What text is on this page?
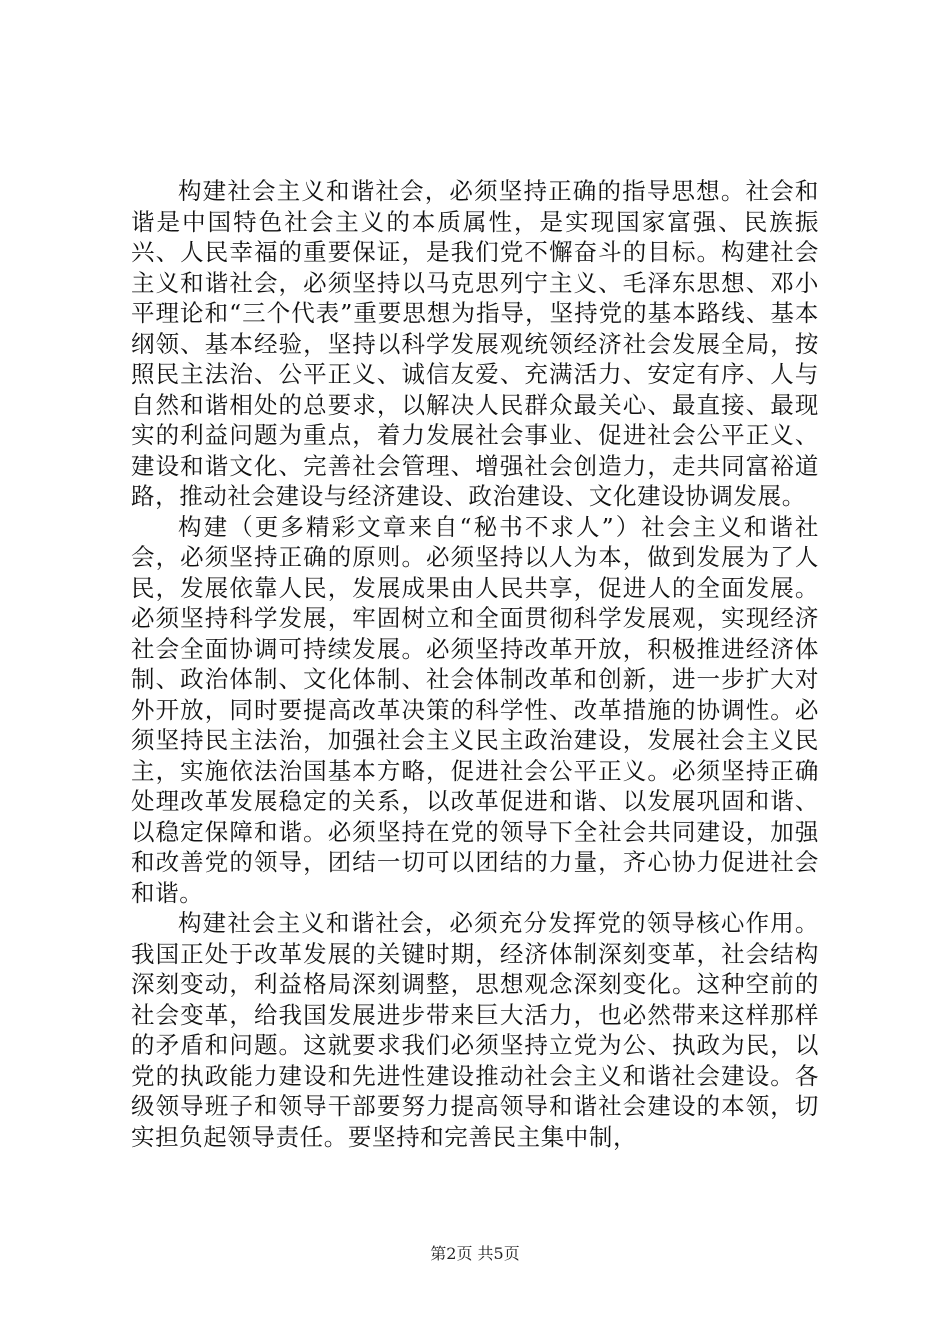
构建社会主义和谐社会，必须坚持正确的指导思想。社会和谐是中国特色社会主义的本质属性，是实现国家富强、民族振兴、人民幸福的重要保证，是我们党不懈奋斗的目标。构建社会主义和谐社会，必须坚持以马克思列宁主义、毛泽东思想、邓小平理论和“三个代表”重要思想为指导，坚持党的基本路线、基本纲领、基本经验，坚持以科学发展观统领经济社会发展全局，按照民主法治、公平正义、诚信友爱、充满活力、安定有序、人与自然和谐相处的总要求，以解决人民群众最关心、最直接、最现实的利益问题为重点，着力发展社会事业、促进社会公平正义、建设和谐文化、完善社会管理、增强社会创造力，走共同富裕道路，推动社会建设与经济建设、政治建设、文化建设协调发展。

构建（更多精彩文章来自“秘书不求人”）社会主义和谐社会，必须坚持正确的原则。必须坚持以人为本，做到发展为了人民，发展依靠人民，发展成果由人民共享，促进人的全面发展。必须坚持科学发展，牢固树立和全面贯彻科学发展观，实现经济社会全面协调可持续发展。必须坚持改革开放，积极推进经济体制、政治体制、文化体制、社会体制改革和创新，进一步扩大对外开放，同时要提高改革决策的科学性、改革措施的协调性。必须坚持民主法治，加强社会主义民主政治建设，发展社会主义民主，实施依法治国基本方略，促进社会公平正义。必须坚持正确处理改革发展稳定的关系，以改革促进和谐、以发展巩固和谐、以稳定保障和谐。必须坚持在党的领导下全社会共同建设，加强和改善党的领导，团结一切可以团结的力量，齐心协力促进社会和谐。

构建社会主义和谐社会，必须充分发挥党的领导核心作用。我国正处于改革发展的关键时期，经济体制深刻变革，社会结构深刻变动，利益格局深刻调整，思想观念深刻变化。这种空前的社会变革，给我国发展进步带来巨大活力，也必然带来这样那样的矛盾和问题。这就要求我们必须坚持立党为公、执政为民，以党的执政能力建设和先进性建设推动社会主义和谐社会建设。各级领导班子和领导干部要努力提高领导和谐社会建设的本领，切实担负起领导责任。要坚持和完善民主集中制，

第2页 共5页
